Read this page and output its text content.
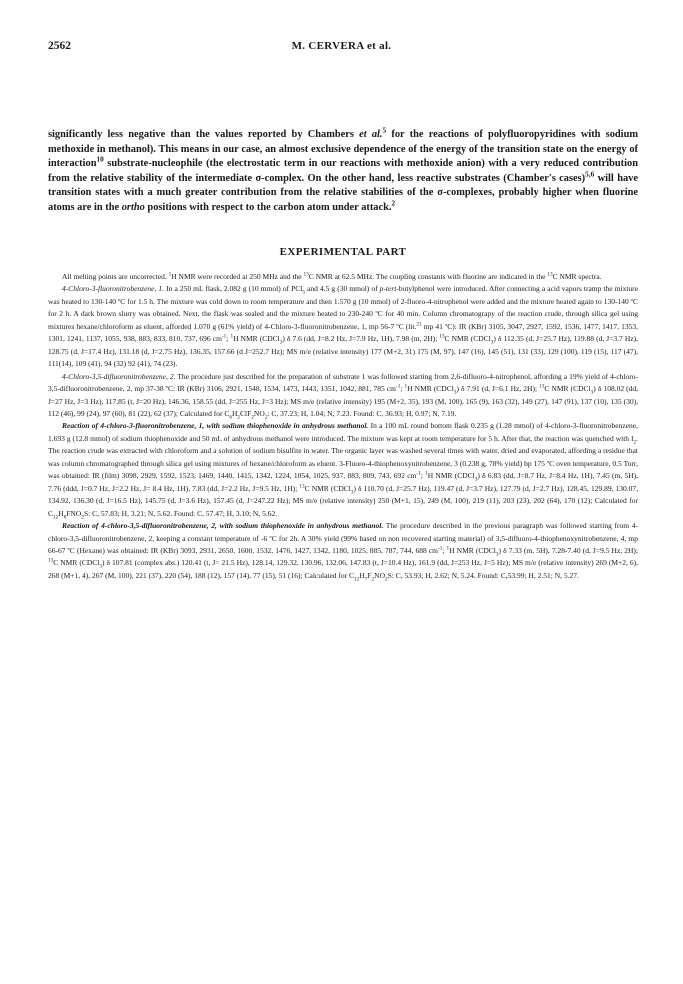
2562	M. CERVERA et al.
significantly less negative than the values reported by Chambers et al.$^5$ for the reactions of polyfluoropyridines with sodium methoxide in methanol). This means in our case, an almost exclusive dependence of the energy of the transition state on the energy of interaction$^{10}$ substrate-nucleophile (the electrostatic term in our reactions with methoxide anion) with a very reduced contribution from the relative stability of the intermediate σ-complex. On the other hand, less reactive substrates (Chamber's cases)$^{5,6}$ will have transition states with a much greater contribution from the relative stabilities of the σ-complexes, probably higher when fluorine atoms are in the ortho positions with respect to the carbon atom under attack.$^2$
EXPERIMENTAL PART

All melting points are uncorrected. $^1$H NMR were recorded at 250 MHz and the $^{13}$C NMR at 62.5 MHz. The coupling constants with fluorine are indicated in the $^{13}$C NMR spectra.

4-Chloro-3-fluoronitrobenzene, 1. In a 250 mL flask, 2.082 g (10 mmol) of PCl$_5$ and 4.5 g (30 mmol) of p-tert-butylphenol were introduced. After connecting a acid vapors tramp the mixture was heated to 130-140 ºC for 1.5 h. The mixture was cold down to room temperature and then 1.570 g (10 mmol) of 2-fluoro-4-nitrophenol were added and the mixture heated again to 130-140 ºC for 2 h. A dark brown slurry was obtained. Next, the flask was sealed and the mixture heated to 230-240 ºC for 40 min. Column chromatograpy of the reaction crude, through silica gel using mixtures hexane/chloroform as eluent, afforded 1.070 g (61% yield) of 4-Chloro-3-fluoronitrobenzene, 1, mp 56-7 ºC (lit.$^{21}$ mp 41 ºC): IR (KBr) 3105, 3047, 2927, 1592, 1536, 1477, 1417, 1353, 1301, 1241, 1137, 1055, 938, 883, 833, 810, 737, 696 $cm^{-1}$; $^1$H NMR (CDCl$_3$) δ 7.6 (dd, J=8.2 Hz, J=7.9 Hz, 1H), 7.98 (m, 2H); $^{13}$C NMR (CDCl$_3$) δ 112.35 (d, J=25.7 Hz), 119.88 (d, J=3.7 Hz), 128.75 (d, J=17.4 Hz), 131.18 (d, J=2.75 Hz), 136.35, 157.66 (d J=252.7 Hz); MS m/e (relative intensity) 177 (M+2, 31) 175 (M, 97), 147 (16), 145 (51), 131 (33), 129 (100), 119 (15), 117 (47), 111(14), 109 (41), 94 (32) 92 (41), 74 (23).

4-Chloro-3,5-difluoronitrobenzene, 2. The procedure just described for the preparation of substrate 1 was followed starting from 2,6-difluoro-4-nitrophenol, affording a 19% yield of 4-chloro-3,5-difluoronitrobenzene, 2, mp 37-38 ºC: IR (KBr) 3106, 2921, 1548, 1534, 1473, 1443, 1351, 1042, 881, 785 $cm^{-1}$; $^1$H NMR (CDCl$_3$) δ 7.91 (d, J=6.1 Hz, 2H); $^{13}$C NMR (CDCl$_3$) δ 108.02 (dd, J=27 Hz, J=3 Hz), 117.85 (t, J=20 Hz), 146.36, 158.55 (dd, J=255 Hz, J=3 Hz); MS m/e (relative intensity) 195 (M+2, 35), 193 (M, 100), 165 (9), 163 (32), 149 (27), 147 (91), 137 (10), 135 (30), 112 (46), 99 (24), 97 (60), 81 (22), 62 (37); Calculated for $C_6H_2ClF_2NO_2$: C, 37.23; H, 1.04; N, 7.23. Found: C, 36.93; H, 0.97; N, 7.19.

Reaction of 4-chloro-3-fluoronitrobenzene, 1, with sodium thiophenoxide in anhydrous methanol. In a 100 mL round bottom flask 0.235 g (1.28 mmol) of 4-chloro-3-fluoronitrobenzene, 1.693 g (12.8 mmol) of sodium thiophenoxide and 50 mL of anhydrous methanol were introduced. The mixture was kept at room temperature for 5 h. After that, the reaction was quenched with $I_2$. The reaction crude was extracted with chloroform and a solution of sodium bisulfite in water. The organic layer was washed several times with water, dried and evaporated, affording a residue that was column chromatographed through silica gel using mixtures of hexane/chloroform as eluent. 3-Fluoro-4-thiophenoxynitrobenzene, 3 (0.238 g, 78% yield) bp 175 ºC oven temperature, 0.5 Torr, was obtained: IR (film) 3098, 2929, 1592, 1523, 1469, 1440, 1415, 1342, 1224, 1054, 1025, 937, 883, 809, 743, 692 $cm^{-1}$; $^1$H NMR (CDCl$_3$) δ 6.83 (dd, J=8.7 Hz, J=8.4 Hz, 1H), 7.45 (m, 5H), 7.76 (ddd, J=0.7 Hz, J=2.2 Hz, J= 8.4 Hz, 1H), 7.83 (dd, J=2.2 Hz, J=9.5 Hz, 1H); $^{13}$C NMR (CDCl$_3$) δ 110.70 (d, J=25.7 Hz), 119.47 (d, J=3.7 Hz), 127.79 (d, J=2.7 Hz), 128.45, 129.89, 130.07, 134.92, 136.30 (d, J=16.5 Hz), 145.75 (d, J=3.6 Hz), 157.45 (d, J=247.22 Hz); MS m/e (relative intensity) 250 (M+1, 15), 249 (M, 100), 219 (11), 203 (23), 202 (64), 170 (12); Calculated for $C_{12}H_8FNO_2S$: C, 57.83; H, 3.21; N, 5.62. Found: C, 57.47; H, 3.10; N, 5.62.

Reaction of 4-chloro-3,5-difluoronitrobenzene, 2, with sodium thiophenoxide in anhydrous methanol. The procedure described in the previous paragraph was followed starting from 4-chloro-3,5-difluoronitrobenzene, 2, keeping a constant temperature of -6 ºC for 2h. A 30% yield (99% based on non recovered starting material) of 3,5-difluoro-4-thiophenoxynitrobenzene, 4, mp 66-67 ºC (Hexane) was obtained: IR (KBr) 3093, 2931, 2650, 1600, 1532, 1476, 1427, 1342, 1180, 1025, 885, 787, 744, 688 $cm^{-1}$; $^1$H NMR (CDCl$_3$) δ 7.33 (m, 5H), 7.28-7.40 (d, J=9.5 Hz, 2H); $^{13}$C NMR (CDCl$_3$) δ 107.81 (complex abs.) 120.41 (t, J= 21.5 Hz), 128.14, 129.32, 130.96, 132.06, 147.83 (t, J=10.4 Hz), 161.9 (dd, J=253 Hz, J=5 Hz); MS m/e (relative intensity) 269 (M+2, 6), 268 (M+1, 4), 267 (M, 100), 221 (37), 220 (54), 188 (12), 157 (14), 77 (15), 51 (16); Calculated for $C_{12}H_7F_2NO_2S$: C, 53.93; H, 2.62; N, 5.24. Found: C,53.99; H, 2.51; N, 5.27.
